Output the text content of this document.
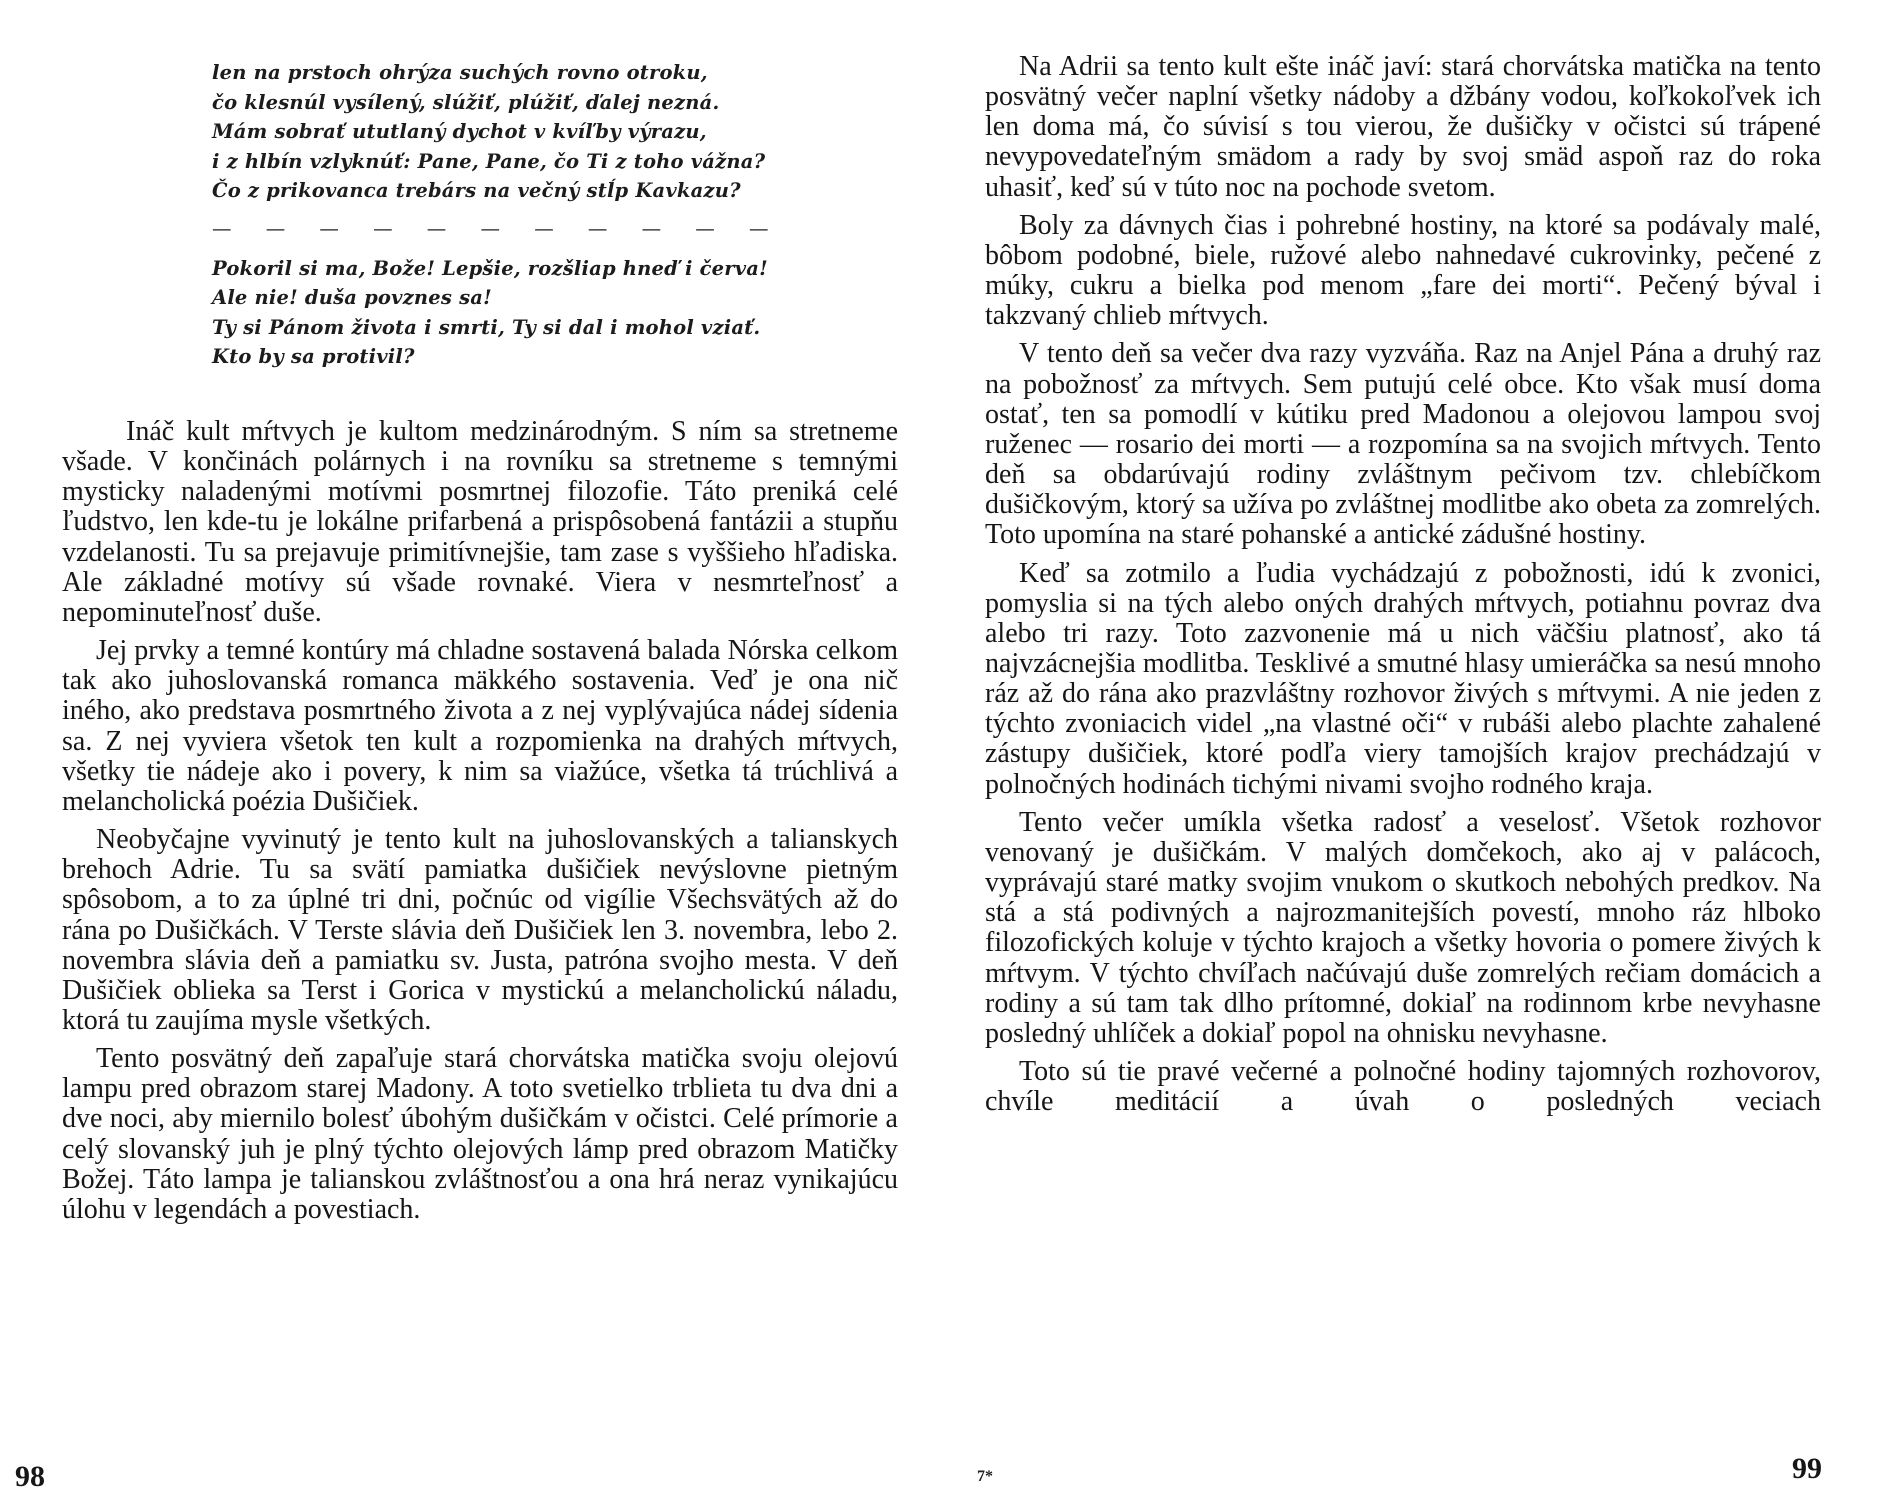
len na prstoch ohrýza suchých rovno otroku,
čo klesnúl vysílený, slúžiť, plúžiť, ďalej nezná.
Mám sobrať ututlaný dychot v kvíľby výrazu,
i z hlbín vzlyknúť: Pane, Pane, čo Ti z toho vážna?
Čo z prikovanca trebárs na večný stĺp Kavkazu?
— — — — — — — — — — —
Pokoril si ma, Bože! Lepšie, rozšliap hneď i červa!
Ale nie! duša povznes sa!
Ty si Pánom života i smrti, Ty si dal i mohol vziať.
Kto by sa protivil?

Ináč kult mŕtvych je kultom medzinárodným. S ním sa stretneme všade. V končinách polárnych i na rovníku sa stretneme s temnými mysticky naladenými motívmi posmrtnej filozofie. Táto preniká celé ľudstvo, len kde-tu je lokálne prifarbená a prispôsobená fantázii a stupňu vzdelanosti. Tu sa prejavuje primitívnejšie, tam zase s vyššieho hľadiska. Ale základné motívy sú všade rovnaké. Viera v nesmrteľnosť a nepominuteľnosť duše.

Jej prvky a temné kontúry má chladne sostavená balada Nórska celkom tak ako juhoslovanská romanca mäkkého sostavenia. Veď je ona nič iného, ako predstava posmrtného života a z nej vyplývajúca nádej sídenia sa. Z nej vyviera všetok ten kult a rozpomienka na drahých mŕtvych, všetky tie nádeje ako i povery, k nim sa viažúce, všetka tá trúchlivá a melancholická poézia Dušičiek.

Neobyčajne vyvinutý je tento kult na juhoslovanských a talianskych brehoch Adrie. Tu sa svätí pamiatka dušičiek nevýslovne pietným spôsobom, a to za úplné tri dni, počnúc od vigílie Všechsvätých až do rána po Dušičkách. V Terste slávia deň Dušičiek len 3. novembra, lebo 2. novembra slávia deň a pamiatku sv. Justa, patróna svojho mesta. V deň Dušičiek oblieka sa Terst i Gorica v mystickú a melancholickú náladu, ktorá tu zaujíma mysle všetkých.

Tento posvätný deň zapaľuje stará chorvátska matička svoju olejovú lampu pred obrazom starej Madony. A toto svetielko trblieta tu dva dni a dve noci, aby miernilo bolesť úbohým dušičkám v očistci. Celé prímorie a celý slovanský juh je plný týchto olejových lámp pred obrazom Matičky Božej. Táto lampa je talianskou zvláštnosťou a ona hrá neraz vynikajúcu úlohu v legendách a povestiach.

98

Na Adrii sa tento kult ešte ináč javí: stará chorvátska matička na tento posvätný večer naplní všetky nádoby a džbány vodou, koľkokoľvek ich len doma má, čo súvisí s tou vierou, že dušičky v očistci sú trápené nevypovedateľným smädom a rady by svoj smäd aspoň raz do roka uhasiť, keď sú v túto noc na pochode svetom.

Boly za dávnych čias i pohrebné hostiny, na ktoré sa podávaly malé, bôbom podobné, biele, ružové alebo nahnedavé cukrovinky, pečené z múky, cukru a bielka pod menom „fare dei morti“. Pečený býval i takzvaný chlieb mŕtvych.

V tento deň sa večer dva razy vyzváňa. Raz na Anjel Pána a druhý raz na pobožnosť za mŕtvych. Sem putujú celé obce. Kto však musí doma ostať, ten sa pomodlí v kútiku pred Madonou a olejovou lampou svoj ruženec — rosario dei morti — a rozpomína sa na svojich mŕtvych. Tento deň sa obdarúvajú rodiny zvláštnym pečivom tzv. chlebíčkom dušičkovým, ktorý sa užíva po zvláštnej modlitbe ako obeta za zomrelých. Toto upomína na staré pohanské a antické zádušné hostiny.

Keď sa zotmilo a ľudia vychádzajú z pobožnosti, idú k zvonici, pomyslia si na tých alebo oných drahých mŕtvych, potiahnu povraz dva alebo tri razy. Toto zazvonenie má u nich väčšiu platnosť, ako tá najvzácnejšia modlitba. Tesklivé a smutné hlasy umieráčka sa nesú mnoho ráz až do rána ako prazvláštny rozhovor živých s mŕtvymi. A nie jeden z týchto zvoniacich videl „na vlastné oči“ v rubáši alebo plachte zahalené zástupy dušičiek, ktoré podľa viery tamojších krajov prechádzajú v polnočných hodinách tichými nivami svojho rodného kraja.

Tento večer umíkla všetka radosť a veselosť. Všetok rozhovor venovaný je dušičkám. V malých domčekoch, ako aj v palácoch, vyprávajú staré matky svojim vnukom o skutkoch nebohých predkov. Na stá a stá podivných a najrozmanitejších povestí, mnoho ráz hlboko filozofických koluje v týchto krajoch a všetky hovoria o pomere živých k mŕtvym. V týchto chvíľach načúvajú duše zomrelých rečiam domácich a rodiny a sú tam tak dlho prítomné, dokiaľ na rodinnom krbe nevyhasne posledný uhlíček a dokiaľ popol na ohnisku nevyhasne.

Toto sú tie pravé večerné a polnočné hodiny tajomných rozhovorov, chvíle meditácií a úvah o posledných veciach

7*	99
